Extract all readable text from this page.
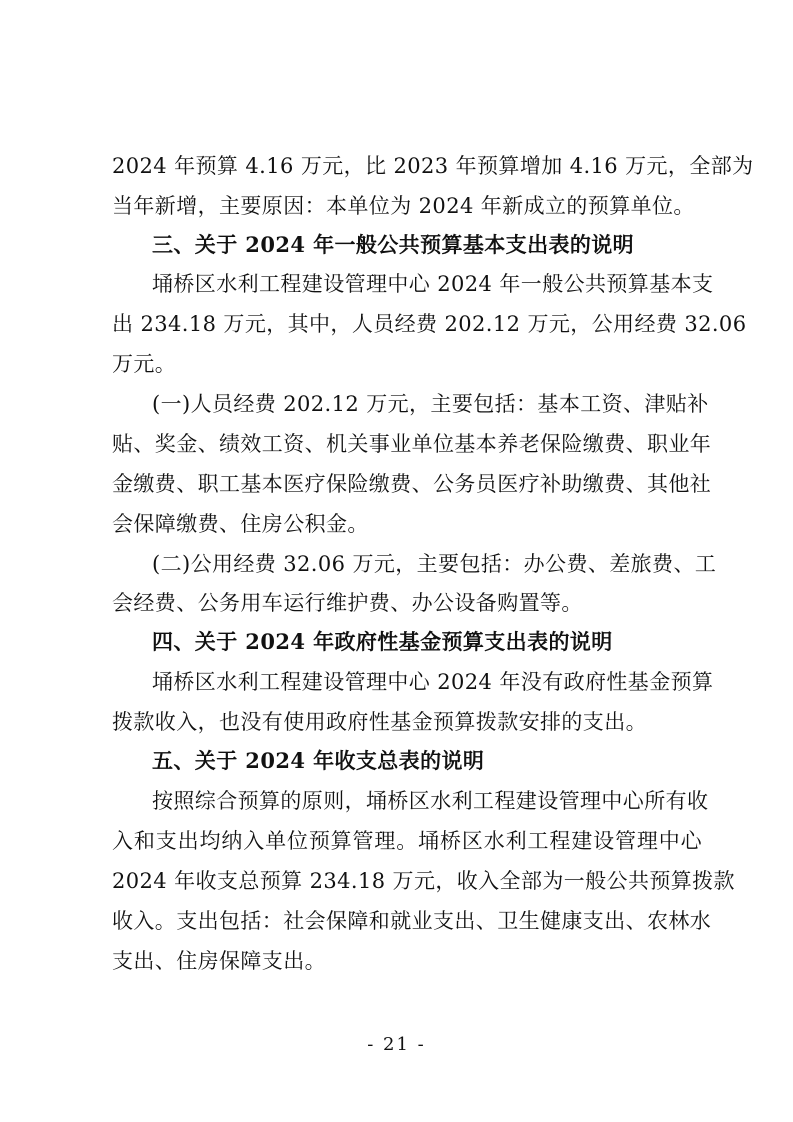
2024 年预算 4.16 万元，比 2023 年预算增加 4.16 万元，全部为
当年新增，主要原因：本单位为 2024 年新成立的预算单位。
三、关于 2024 年一般公共预算基本支出表的说明
埇桥区水利工程建设管理中心 2024 年一般公共预算基本支
出 234.18 万元，其中，人员经费 202.12 万元，公用经费 32.06
万元。
(一)人员经费 202.12 万元，主要包括：基本工资、津贴补
贴、奖金、绩效工资、机关事业单位基本养老保险缴费、职业年
金缴费、职工基本医疗保险缴费、公务员医疗补助缴费、其他社
会保障缴费、住房公积金。
(二)公用经费 32.06 万元，主要包括：办公费、差旅费、工
会经费、公务用车运行维护费、办公设备购置等。
四、关于 2024 年政府性基金预算支出表的说明
埇桥区水利工程建设管理中心 2024 年没有政府性基金预算
拨款收入，也没有使用政府性基金预算拨款安排的支出。
五、关于 2024 年收支总表的说明
按照综合预算的原则，埇桥区水利工程建设管理中心所有收
入和支出均纳入单位预算管理。埇桥区水利工程建设管理中心
2024 年收支总预算 234.18 万元，收入全部为一般公共预算拨款
收入。支出包括：社会保障和就业支出、卫生健康支出、农林水
支出、住房保障支出。
- 21 -
